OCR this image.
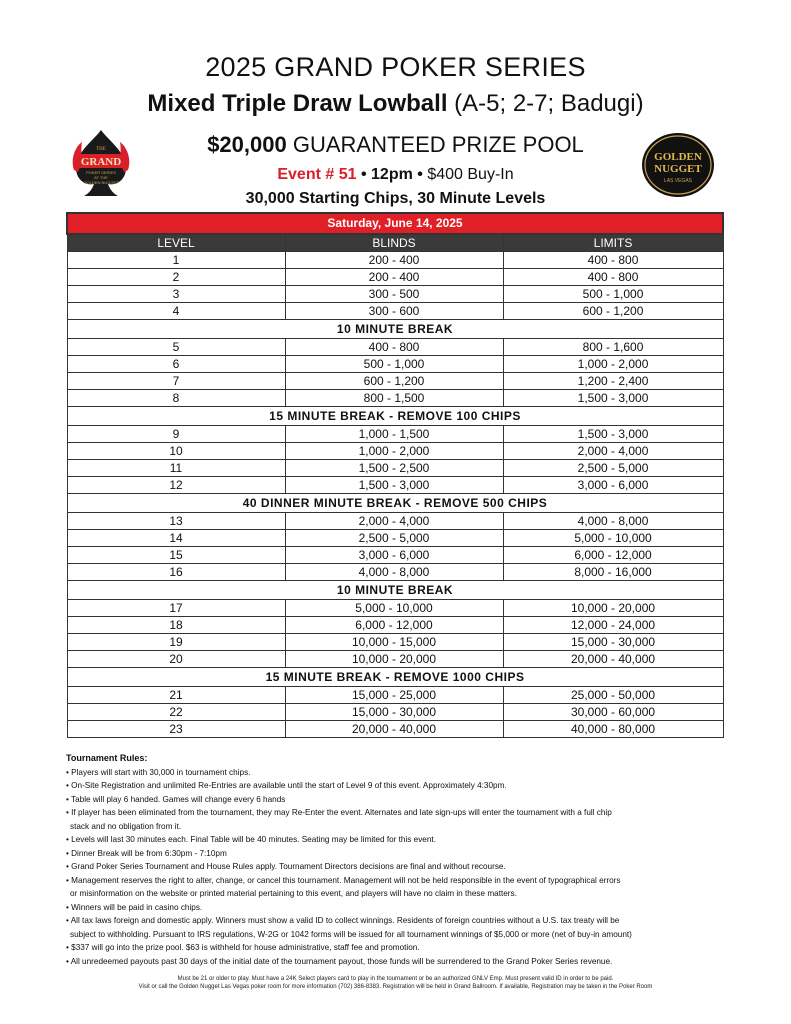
2025 GRAND POKER SERIES
Mixed Triple Draw Lowball (A-5; 2-7; Badugi)
$20,000 GUARANTEED PRIZE POOL
Event # 51 • 12pm • $400 Buy-In
30,000 Starting Chips, 30 Minute Levels
THE
GRAND
POKER SERIES
AT THE
GOLDEN NUGGET
GOLDEN
NUGGET
LAS VEGAS
Saturday, June 14, 2025		
LEVEL	BLINDS	LIMITS
1	200 - 400	400 - 800
2	200 - 400	400 - 800
3	300 - 500	500 - 1,000
4	300 - 600	600 - 1,200
10 MINUTE BREAK		
5	400 - 800	800 - 1,600
6	500 - 1,000	1,000 - 2,000
7	600 - 1,200	1,200 - 2,400
8	800 - 1,500	1,500 - 3,000
15 MINUTE BREAK - REMOVE 100 CHIPS		
9	1,000 - 1,500	1,500 - 3,000
10	1,000 - 2,000	2,000 - 4,000
11	1,500 - 2,500	2,500 - 5,000
12	1,500 - 3,000	3,000 - 6,000
40 DINNER MINUTE BREAK - REMOVE 500 CHIPS		
13	2,000 - 4,000	4,000 - 8,000
14	2,500 - 5,000	5,000 - 10,000
15	3,000 - 6,000	6,000 - 12,000
16	4,000 - 8,000	8,000 - 16,000
10 MINUTE BREAK		
17	5,000 - 10,000	10,000 - 20,000
18	6,000 - 12,000	12,000 - 24,000
19	10,000 - 15,000	15,000 - 30,000
20	10,000 - 20,000	20,000 - 40,000
15 MINUTE BREAK - REMOVE 1000 CHIPS		
21	15,000 - 25,000	25,000 - 50,000
22	15,000 - 30,000	30,000 - 60,000
23	20,000 - 40,000	40,000 - 80,000
Tournament Rules:
• Players will start with 30,000 in tournament chips.
• On-Site Registration and unlimited Re-Entries are available until the start of Level 9 of this event. Approximately 4:30pm.
• Table will play 6 handed. Games will change every 6 hands
• If player has been eliminated from the tournament, they may Re-Enter the event. Alternates and late sign-ups will enter the tournament with a full chip
stack and no obligation from it.
• Levels will last 30 minutes each. Final Table will be 40 minutes. Seating may be limited for this event.
• Dinner Break will be from 6:30pm - 7:10pm
• Grand Poker Series Tournament and House Rules apply. Tournament Directors decisions are final and without recourse.
• Management reserves the right to alter, change, or cancel this tournament. Management will not be held responsible in the event of typographical errors
or misinformation on the website or printed material pertaining to this event, and players will have no claim in these matters.
• Winners will be paid in casino chips.
• All tax laws foreign and domestic apply. Winners must show a valid ID to collect winnings. Residents of foreign countries without a U.S. tax treaty will be
subject to withholding. Pursuant to IRS regulations, W-2G or 1042 forms will be issued for all tournament winnings of $5,000 or more (net of buy-in amount)
• $337 will go into the prize pool. $63 is withheld for house administrative, staff fee and promotion.
• All unredeemed payouts past 30 days of the initial date of the tournament payout, those funds will be surrendered to the Grand Poker Series revenue.
Must be 21 or older to play. Must have a 24K Select players card to play in the tournament or be an authorized GNLV Emp. Must present valid ID in order to be paid.
Visit or call the Golden Nugget Las Vegas poker room for more information (702) 386-8383. Registration will be held in Grand Ballroom. If available, Registration may be taken in the Poker Room
